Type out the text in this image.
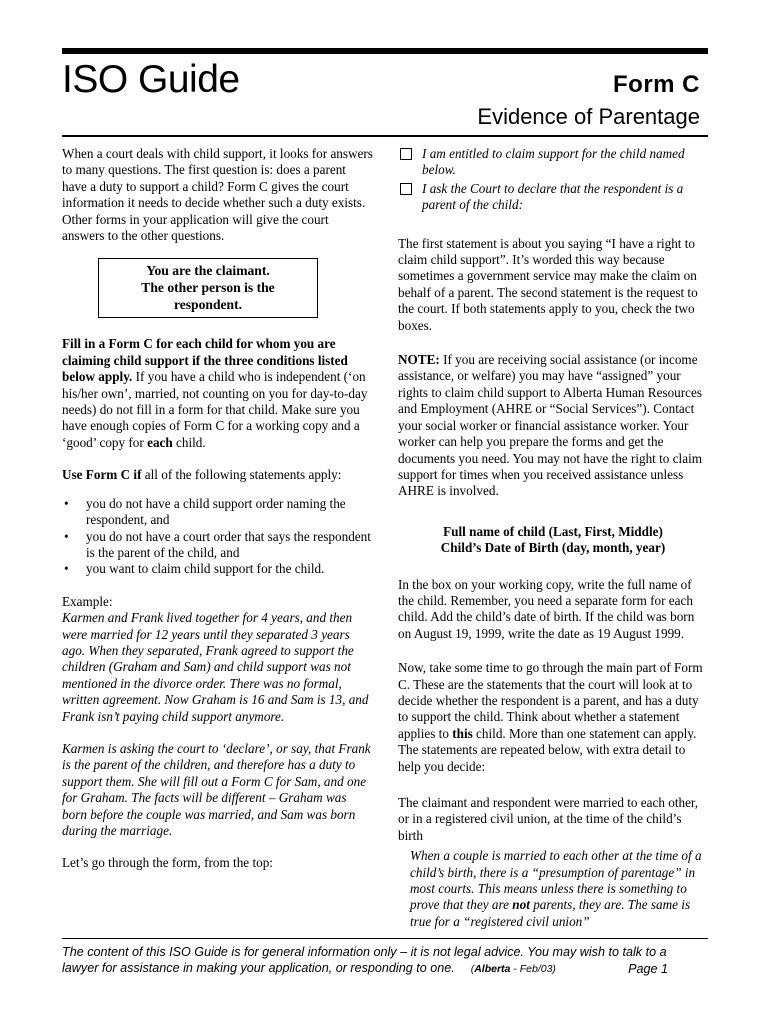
ISO Guide	Form C
Evidence of Parentage

When a court deals with child support, it looks for answers to many questions. The first question is: does a parent have a duty to support a child? Form C gives the court information it needs to decide whether such a duty exists. Other forms in your application will give the court answers to the other questions.

You are the claimant.
The other person is the
respondent.

Fill in a Form C for each child for whom you are claiming child support if the three conditions listed below apply. If you have a child who is independent (‘on his/her own’, married, not counting on you for day-to-day needs) do not fill in a form for that child. Make sure you have enough copies of Form C for a working copy and a ‘good’ copy for each child.

Use Form C if all of the following statements apply:

• you do not have a child support order naming the respondent, and
• you do not have a court order that says the respondent is the parent of the child, and
• you want to claim child support for the child.

Example:

Karmen and Frank lived together for 4 years, and then were married for 12 years until they separated 3 years ago. When they separated, Frank agreed to support the children (Graham and Sam) and child support was not mentioned in the divorce order. There was no formal, written agreement. Now Graham is 16 and Sam is 13, and Frank isn’t paying child support anymore.

Karmen is asking the court to ‘declare’, or say, that Frank is the parent of the children, and therefore has a duty to support them. She will fill out a Form C for Sam, and one for Graham. The facts will be different – Graham was born before the couple was married, and Sam was born during the marriage.

Let’s go through the form, from the top:

I am entitled to claim support for the child named below.

I ask the Court to declare that the respondent is a parent of the child:

The first statement is about you saying “I have a right to claim child support”. It’s worded this way because sometimes a government service may make the claim on behalf of a parent. The second statement is the request to the court. If both statements apply to you, check the two boxes.

NOTE: If you are receiving social assistance (or income assistance, or welfare) you may have “assigned” your rights to claim child support to Alberta Human Resources and Employment (AHRE or “Social Services”). Contact your social worker or financial assistance worker. Your worker can help you prepare the forms and get the documents you need. You may not have the right to claim support for times when you received assistance unless AHRE is involved.

Full name of child (Last, First, Middle)

Child’s Date of Birth (day, month, year)

In the box on your working copy, write the full name of the child. Remember, you need a separate form for each child. Add the child’s date of birth. If the child was born on August 19, 1999, write the date as 19 August 1999.

Now, take some time to go through the main part of Form C. These are the statements that the court will look at to decide whether the respondent is a parent, and has a duty to support the child. Think about whether a statement applies to this child. More than one statement can apply. The statements are repeated below, with extra detail to help you decide:

The claimant and respondent were married to each other, or in a registered civil union, at the time of the child’s birth

When a couple is married to each other at the time of a child’s birth, there is a “presumption of parentage” in most courts. This means unless there is something to prove that they are not parents, they are. The same is true for a “registered civil union”

The content of this ISO Guide is for general information only – it is not legal advice. You may wish to talk to a

lawyer for assistance in making your application, or responding to one. (Alberta - Feb/03)	Page 1
